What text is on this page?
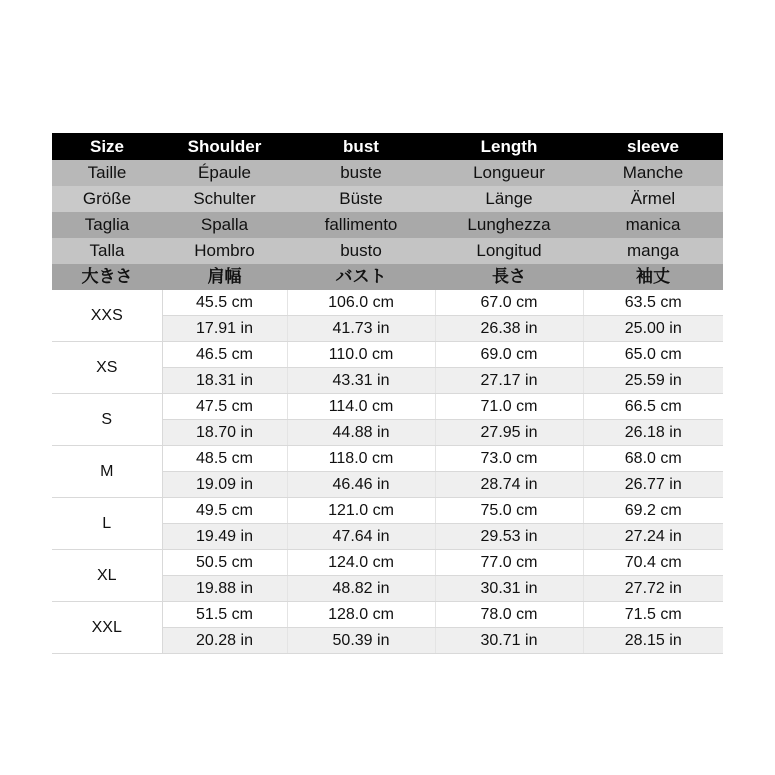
Size	Shoulder	bust	Length	sleeve
Taille	Épaule	buste	Longueur	Manche
Größe	Schulter	Büste	Länge	Ärmel
Taglia	Spalla	fallimento	Lunghezza	manica
Talla	Hombro	busto	Longitud	manga
大きさ	肩幅	バスト	長さ	袖丈
XXS	45.5 cm	106.0 cm	67.0 cm	63.5 cm
	17.91 in	41.73 in	26.38 in	25.00 in
XS	46.5 cm	110.0 cm	69.0 cm	65.0 cm
	18.31 in	43.31 in	27.17 in	25.59 in
S	47.5 cm	114.0 cm	71.0 cm	66.5 cm
	18.70 in	44.88 in	27.95 in	26.18 in
M	48.5 cm	118.0 cm	73.0 cm	68.0 cm
	19.09 in	46.46 in	28.74 in	26.77 in
L	49.5 cm	121.0 cm	75.0 cm	69.2 cm
	19.49 in	47.64 in	29.53 in	27.24 in
XL	50.5 cm	124.0 cm	77.0 cm	70.4 cm
	19.88 in	48.82 in	30.31 in	27.72 in
XXL	51.5 cm	128.0 cm	78.0 cm	71.5 cm
	20.28 in	50.39 in	30.71 in	28.15 in
